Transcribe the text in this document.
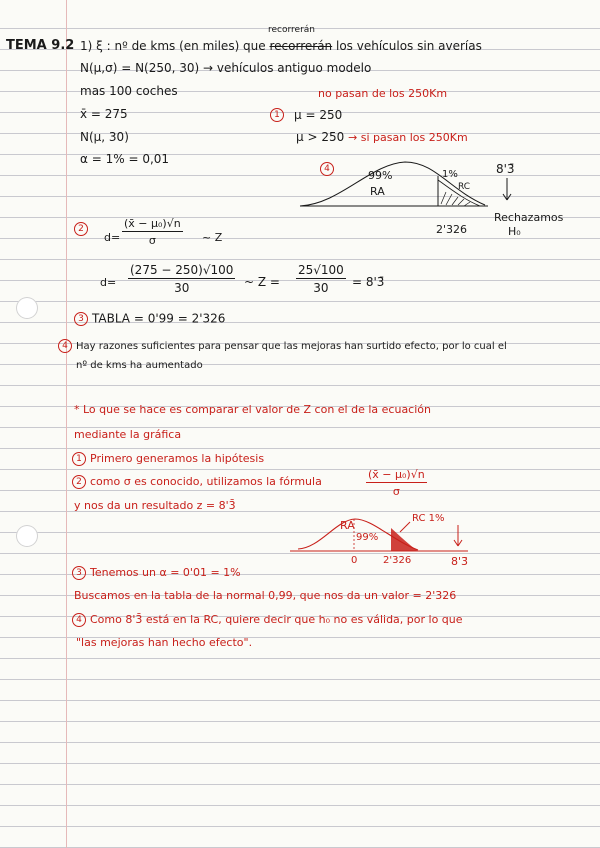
TEMA 9.2
recorrerán
1) ξ : nº de kms (en miles) que recorrerán los vehículos sin averías
N(μ,σ) = N(250, 30) → vehículos antiguo modelo
mas 100 coches
x̄ = 275
N(μ, 30)
α = 1% = 0,01
no pasan de los 250Km
1 μ = 250
μ > 250 → si pasan los 250Km
4	99%
RA
1%
RC
8'3̄
2'326
Rechazamos
H₀
2
$d= \frac{\text{(x̄ − μ₀)√n}}{\sigma}$ ~ Z
$d= \frac{(275 - 250)√100}{30}$ ~ $Z = \frac{25√100}{30}$ = 8'3̄
3 TABLA = 0'99 = 2'326
4 Hay razones suficientes para pensar que las mejoras han surtido efecto, por lo cual el
nº de kms ha aumentado
* Lo que se hace es comparar el valor de Z con el de la ecuación
mediante la gráfica
1 Primero generamos la hipótesis
2 como σ es conocido, utilizamos la fórmula	$\frac{\text{(x̄ − μ₀)√n}}{\sigma}$
y nos da un resultado z = 8'3̄
RA
99%
RC 1%
0	2'326	8'3̄
3 Tenemos un α = 0'01 = 1%
Buscamos en la tabla de la normal 0,99, que nos da un valor = 2'326
4 Como 8'3̄ está en la RC, quiere decir que h₀ no es válida, por lo que
"las mejoras han hecho efecto".
